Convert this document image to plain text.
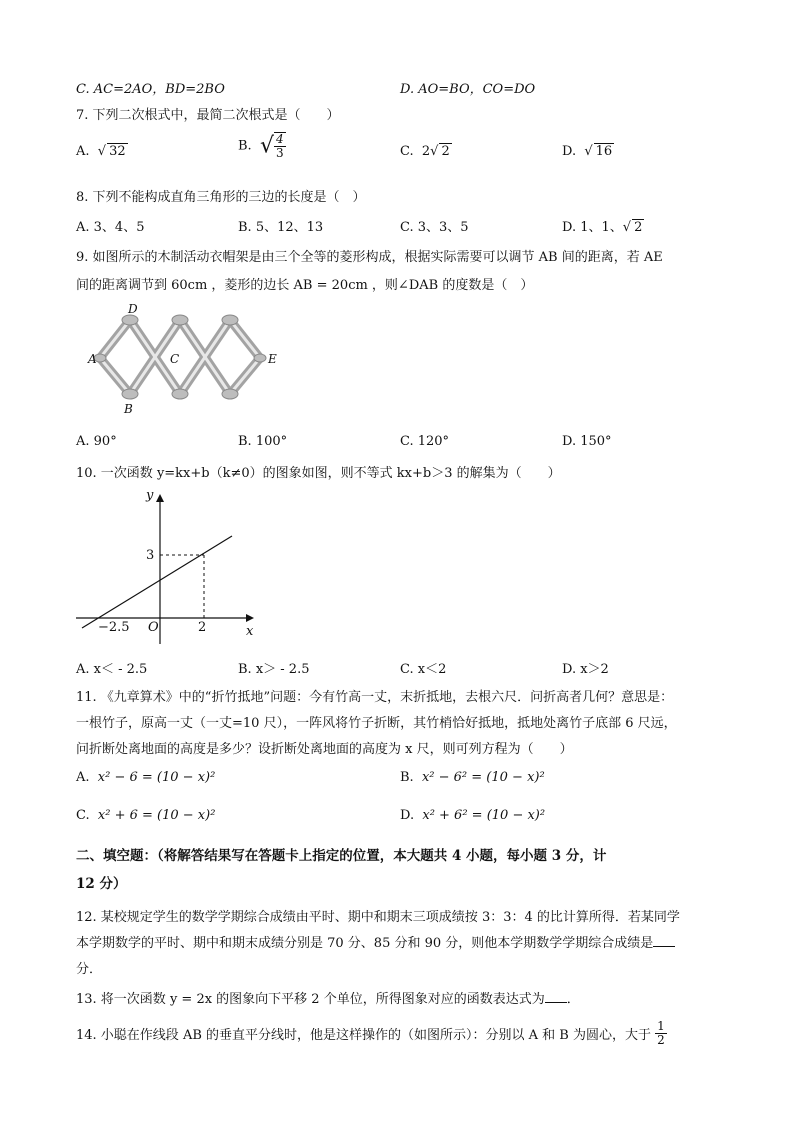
C. AC=2AO，BD=2BO	D. AO=BO，CO=DO
7. 下列二次根式中，最简二次根式是（　　）
A. √ 32	B. √ $\frac{4}{3}$	C. 2√ 2	D. √ 16
8. 下列不能构成直角三角形的三边的长度是（　）
A. 3、4、5	B. 5、12、13	C. 3、3、5	D. 1、1、√ 2
9. 如图所示的木制活动衣帽架是由三个全等的菱形构成，根据实际需要可以调节 AB 间的距离，若 AE
间的距离调节到 60cm ，菱形的边长 AB = 20cm ，则∠DAB 的度数是（　）
D
A	C	E
B
A. 90°	B. 100°	C. 120°	D. 150°
10. 一次函数 y=kx+b（k≠0）的图象如图，则不等式 kx+b＞3 的解集为（　　）
y
x
3
O	2
−2.5
A. x＜ - 2.5	B. x＞ - 2.5	C. x＜2	D. x＞2
11. 《九章算术》中的“折竹抵地”问题：今有竹高一丈，末折抵地，去根六尺．问折高者几何？意思是：
一根竹子，原高一丈（一丈=10 尺），一阵风将竹子折断，其竹梢恰好抵地，抵地处离竹子底部 6 尺远，
问折断处离地面的高度是多少？设折断处离地面的高度为 x 尺，则可列方程为（　　）
A. x² − 6 = (10 − x)²	B. x² − 6² = (10 − x)²
C. x² + 6 = (10 − x)²	D. x² + 6² = (10 − x)²
二、填空题：（将解答结果写在答题卡上指定的位置，本大题共 4 小题，每小题 3 分，计
12 分）
12. 某校规定学生的数学学期综合成绩由平时、期中和期末三项成绩按 3：3：4 的比计算所得．若某同学
本学期数学的平时、期中和期末成绩分别是 70 分、85 分和 90 分，则他本学期数学学期综合成绩是
分．
13. 将一次函数 y = 2x 的图象向下平移 2 个单位，所得图象对应的函数表达式为 ．
14. 小聪在作线段 AB 的垂直平分线时，他是这样操作的（如图所示）：分别以 A 和 B 为圆心，大于 $\frac{1}{2}$
